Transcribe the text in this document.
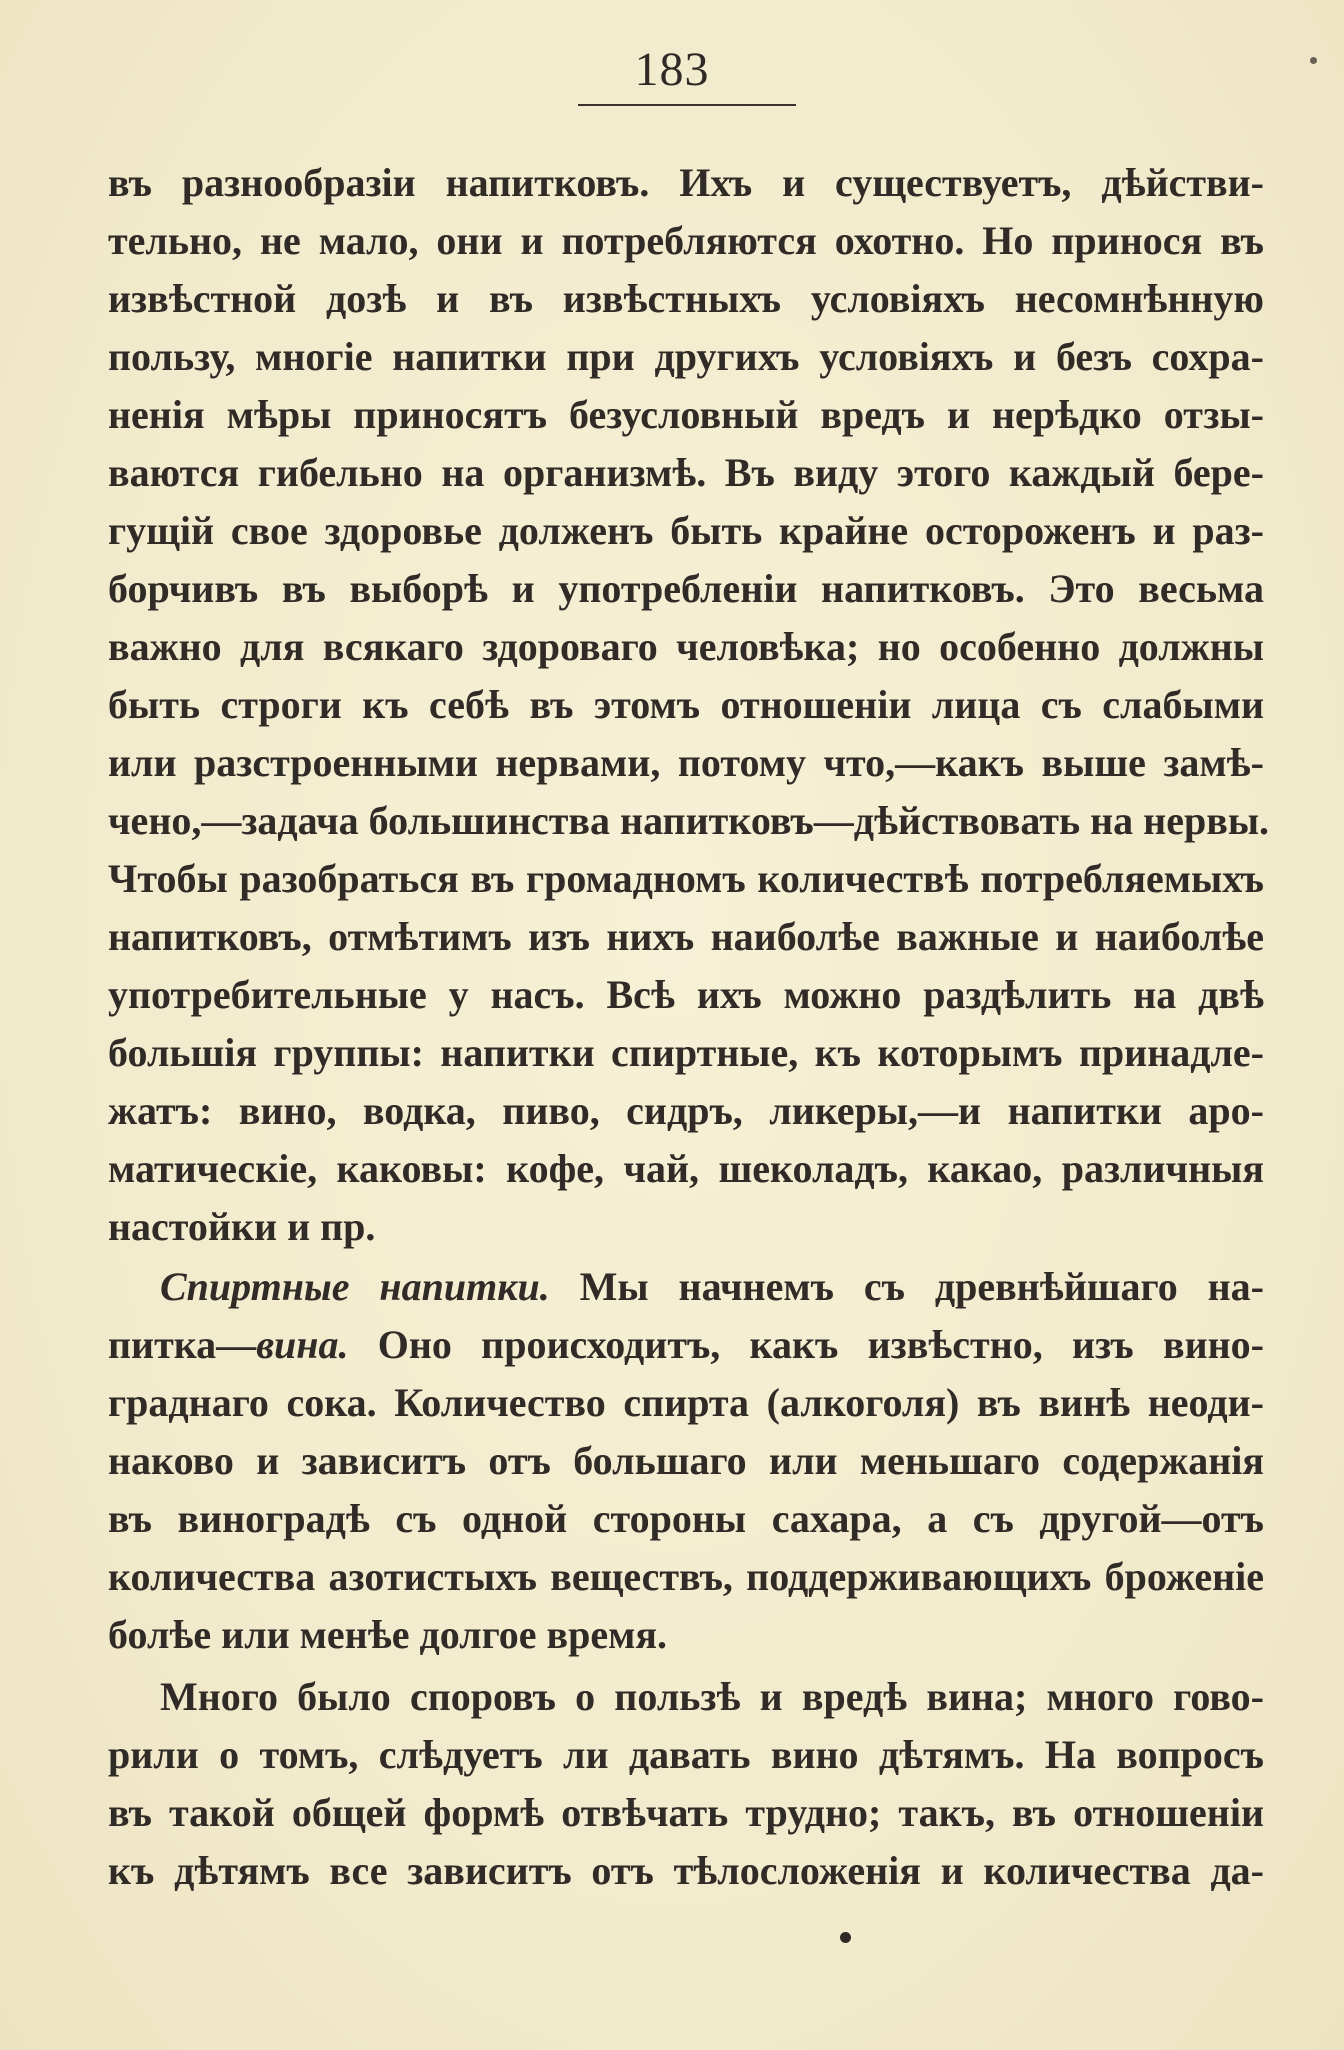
183
въ разнообразіи напитковъ. Ихъ и существуетъ, дѣйстви-
тельно, не мало, они и потребляются охотно. Но принося въ
извѣстной дозѣ и въ извѣстныхъ условіяхъ несомнѣнную
пользу, многіе напитки при другихъ условіяхъ и безъ сохра-
ненія мѣры приносятъ безусловный вредъ и нерѣдко отзы-
ваются гибельно на организмѣ. Въ виду этого каждый бере-
гущій свое здоровье долженъ быть крайне остороженъ и раз-
борчивъ въ выборѣ и употребленіи напитковъ. Это весьма
важно для всякаго здороваго человѣка; но особенно должны
быть строги къ себѣ въ этомъ отношеніи лица съ слабыми
или разстроенными нервами, потому что,—какъ выше замѣ-
чено,—задача большинства напитковъ—дѣйствовать на нервы.
Чтобы разобраться въ громадномъ количествѣ потребляемыхъ
напитковъ, отмѣтимъ изъ нихъ наиболѣе важные и наиболѣе
употребительные у насъ. Всѣ ихъ можно раздѣлить на двѣ
большія группы: напитки спиртные, къ которымъ принадле-
жатъ: вино, водка, пиво, сидръ, ликеры,—и напитки аро-
матическіе, каковы: кофе, чай, шеколадъ, какао, различныя
настойки и пр.
Спиртные напитки. Мы начнемъ съ древнѣйшаго на-
питка—вина. Оно происходитъ, какъ извѣстно, изъ вино-
граднаго сока. Количество спирта (алкоголя) въ винѣ неоди-
наково и зависитъ отъ большаго или меньшаго содержанія
въ виноградѣ съ одной стороны сахара, а съ другой—отъ
количества азотистыхъ веществъ, поддерживающихъ броженіе
болѣе или менѣе долгое время.
Много было споровъ о пользѣ и вредѣ вина; много гово-
рили о томъ, слѣдуетъ ли давать вино дѣтямъ. На вопросъ
въ такой общей формѣ отвѣчать трудно; такъ, въ отношеніи
къ дѣтямъ все зависитъ отъ тѣлосложенія и количества да-
